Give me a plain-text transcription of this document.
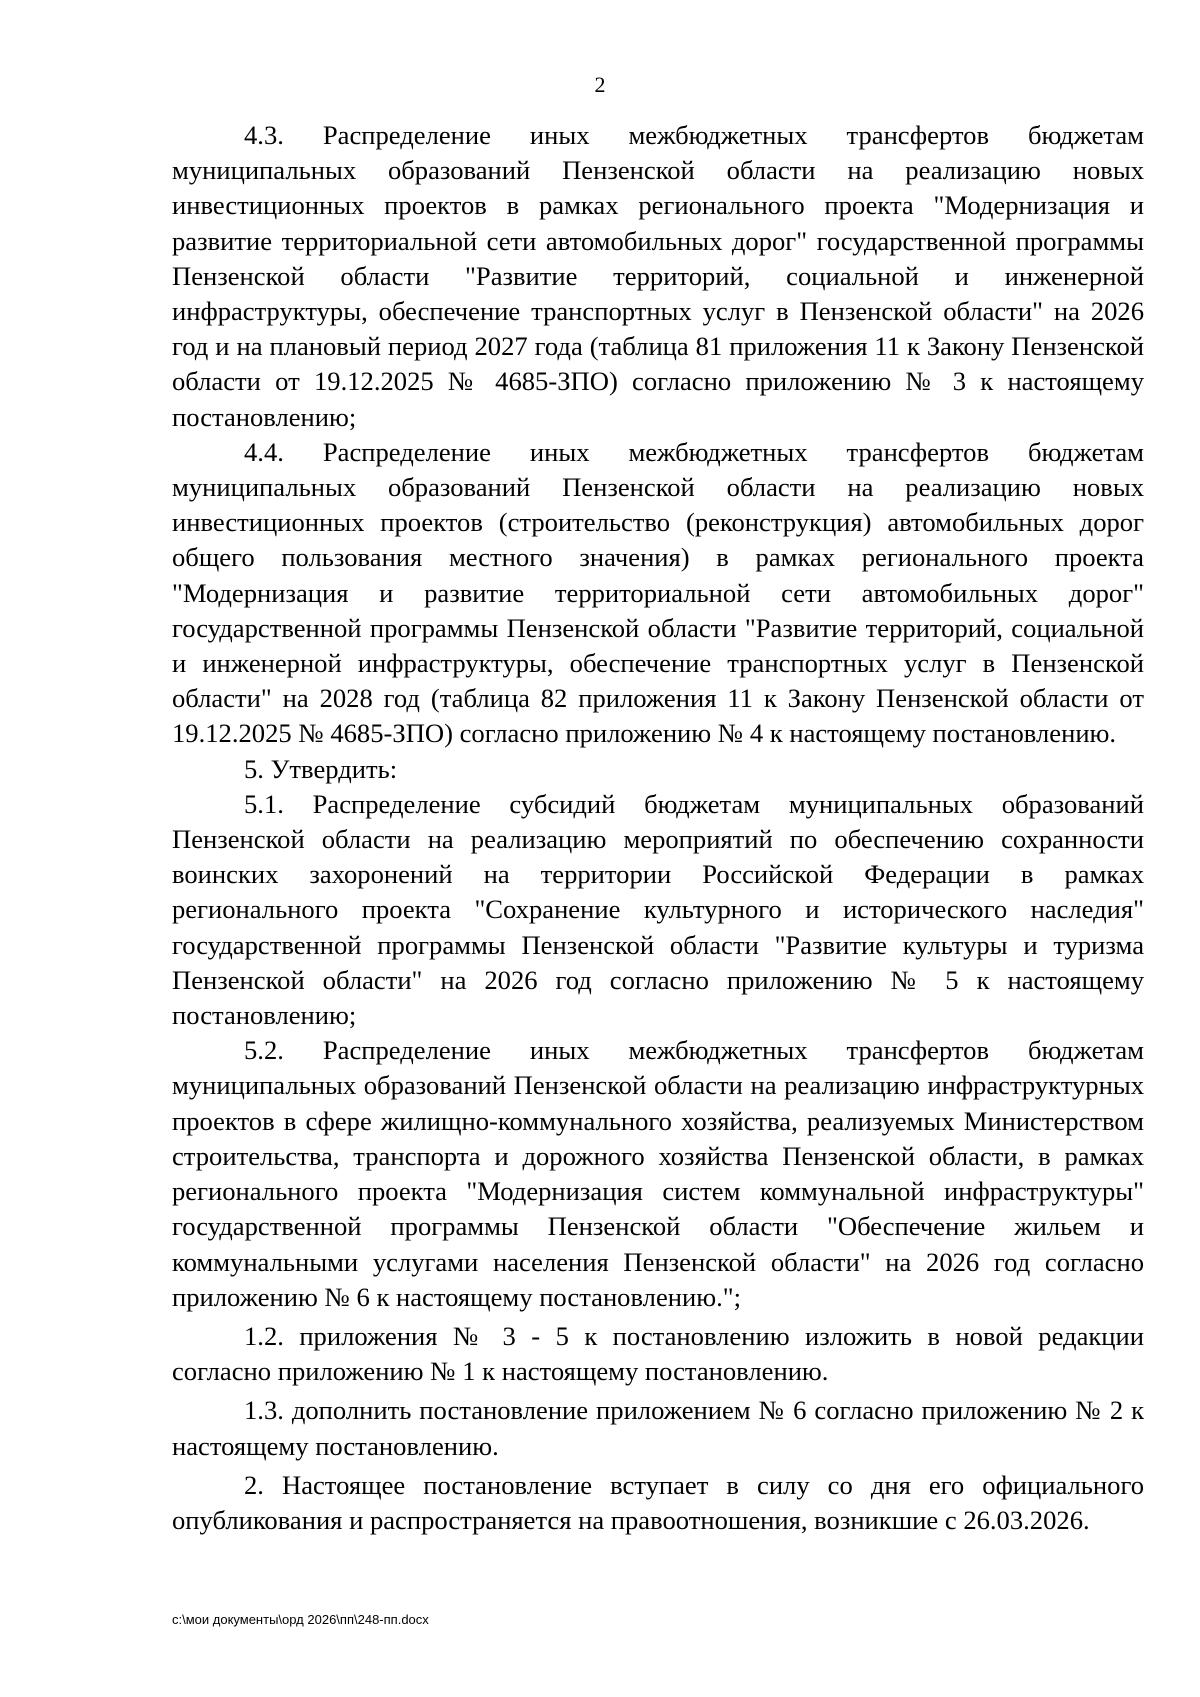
2

4.3. Распределение иных межбюджетных трансфертов бюджетам муниципальных образований Пензенской области на реализацию новых инвестиционных проектов в рамках регионального проекта "Модернизация и развитие территориальной сети автомобильных дорог" государственной программы Пензенской области "Развитие территорий, социальной и инженерной инфраструктуры, обеспечение транспортных услуг в Пензенской области" на 2026 год и на плановый период 2027 года (таблица 81 приложения 11 к Закону Пензенской области от 19.12.2025 № 4685-ЗПО) согласно приложению № 3 к настоящему постановлению;

4.4. Распределение иных межбюджетных трансфертов бюджетам муниципальных образований Пензенской области на реализацию новых инвестиционных проектов (строительство (реконструкция) автомобильных дорог общего пользования местного значения) в рамках регионального проекта "Модернизация и развитие территориальной сети автомобильных дорог" государственной программы Пензенской области "Развитие территорий, социальной и инженерной инфраструктуры, обеспечение транспортных услуг в Пензенской области" на 2028 год (таблица 82 приложения 11 к Закону Пензенской области от 19.12.2025 № 4685-ЗПО) согласно приложению № 4 к настоящему постановлению.

5. Утвердить:

5.1. Распределение субсидий бюджетам муниципальных образований Пензенской области на реализацию мероприятий по обеспечению сохранности воинских захоронений на территории Российской Федерации в рамках регионального проекта "Сохранение культурного и исторического наследия" государственной программы Пензенской области "Развитие культуры и туризма Пензенской области" на 2026 год согласно приложению № 5 к настоящему постановлению;

5.2. Распределение иных межбюджетных трансфертов бюджетам муниципальных образований Пензенской области на реализацию инфраструктурных проектов в сфере жилищно-коммунального хозяйства, реализуемых Министерством строительства, транспорта и дорожного хозяйства Пензенской области, в рамках регионального проекта "Модернизация систем коммунальной инфраструктуры" государственной программы Пензенской области "Обеспечение жильем и коммунальными услугами населения Пензенской области" на 2026 год согласно приложению № 6 к настоящему постановлению.";

1.2. приложения № 3 - 5 к постановлению изложить в новой редакции согласно приложению № 1 к настоящему постановлению.

1.3. дополнить постановление приложением № 6 согласно приложению № 2 к настоящему постановлению.

2. Настоящее постановление вступает в силу со дня его официального опубликования и распространяется на правоотношения, возникшие с 26.03.2026.

c:\мои документы\орд 2026\пп\248-пп.docx
